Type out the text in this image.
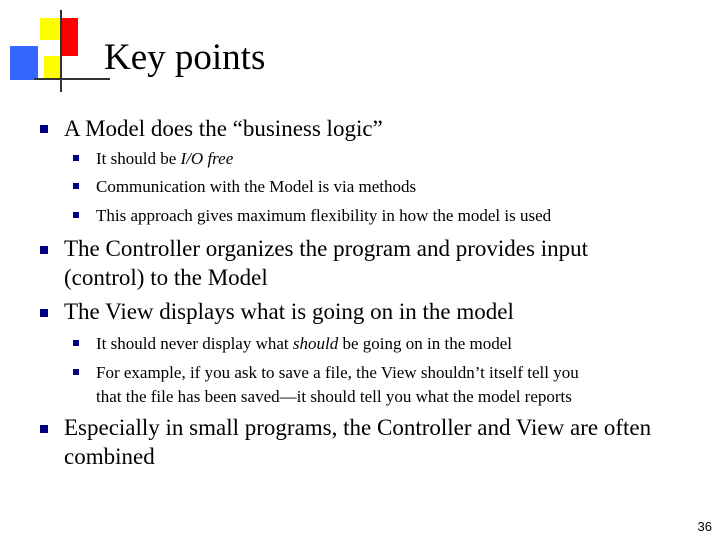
Key points
A Model does the “business logic”
It should be I/O free
Communication with the Model is via methods
This approach gives maximum flexibility in how the model is used
The Controller organizes the program and provides input
(control) to the Model
The View displays what is going on in the model
It should never display what should be going on in the model
For example, if you ask to save a file, the View shouldn’t itself tell you
that the file has been saved—it should tell you what the model reports
Especially in small programs, the Controller and View are often
combined
36
